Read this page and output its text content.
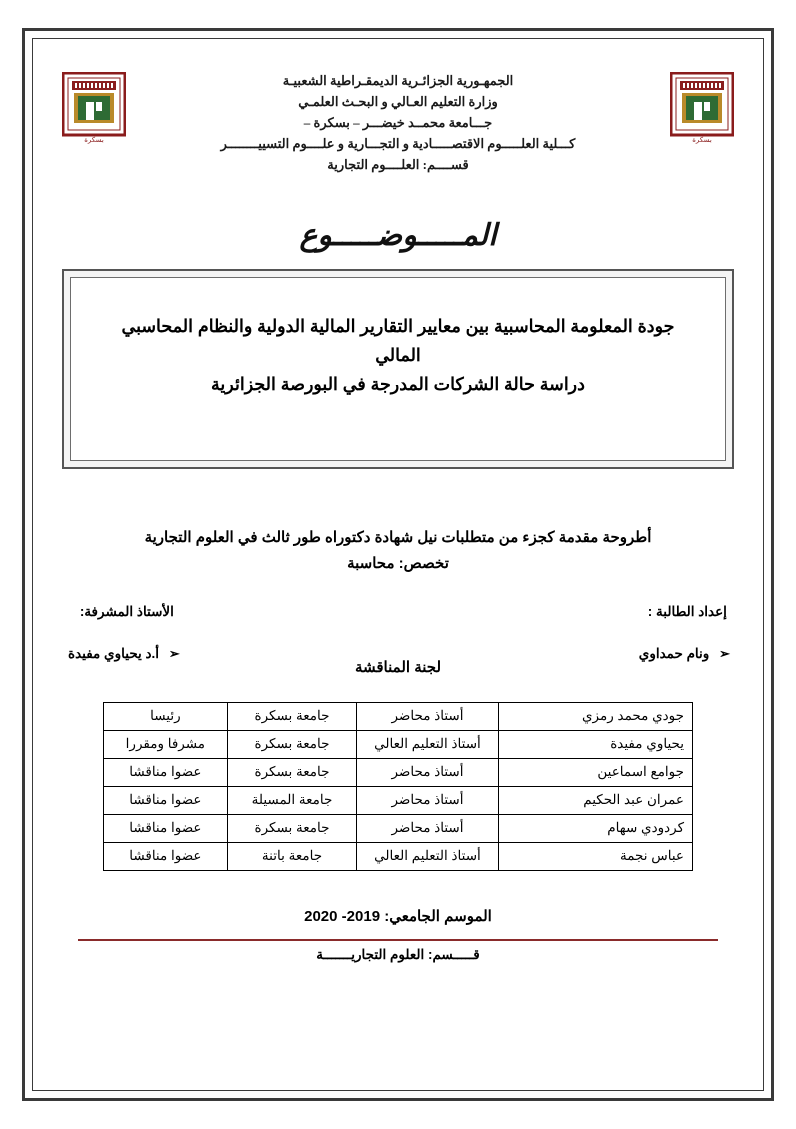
بسكرة
بسكرة
الجمهـورية الجزائـرية الديمقـراطية الشعبيـة
وزارة التعليم العـالي و البحـث العلمـي
جـــامعة محمــد خيضـــر – بسكرة –
كـــلية العلـــــوم الاقتصـــــادية و التجـــارية و علــــوم التسييــــــــر
قســــم: العلــــوم التجارية
المـــــوضـــــوع
جودة المعلومة المحاسبية بين معايير التقارير المالية الدولية والنظام المحاسبي المالي
دراسة حالة الشركات المدرجة في البورصة الجزائرية
أطروحة مقدمة كجزء من متطلبات نيل شهادة دكتوراه طور ثالث في العلوم التجارية
تخصص: محاسبة
إعداد الطالبة :
➢ ونام حمداوي
الأستاذ المشرفة:
➢ أ.د يحياوي مفيدة
لجنة المناقشة
جودي محمد رمزي	أستاذ محاضر	جامعة بسكرة	رئيسا
يحياوي مفيدة	أستاذ التعليم العالي	جامعة بسكرة	مشرفا ومقررا
جوامع اسماعين	أستاذ محاضر	جامعة بسكرة	عضوا مناقشا
عمران عبد الحكيم	أستاذ محاضر	جامعة المسيلة	عضوا مناقشا
كردودي سهام	أستاذ محاضر	جامعة بسكرة	عضوا مناقشا
عباس نجمة	أستاذ التعليم العالي	جامعة باتنة	عضوا مناقشا
الموسم الجامعي: 2019- 2020
قـــــسم: العلوم التجاريـــــــة
